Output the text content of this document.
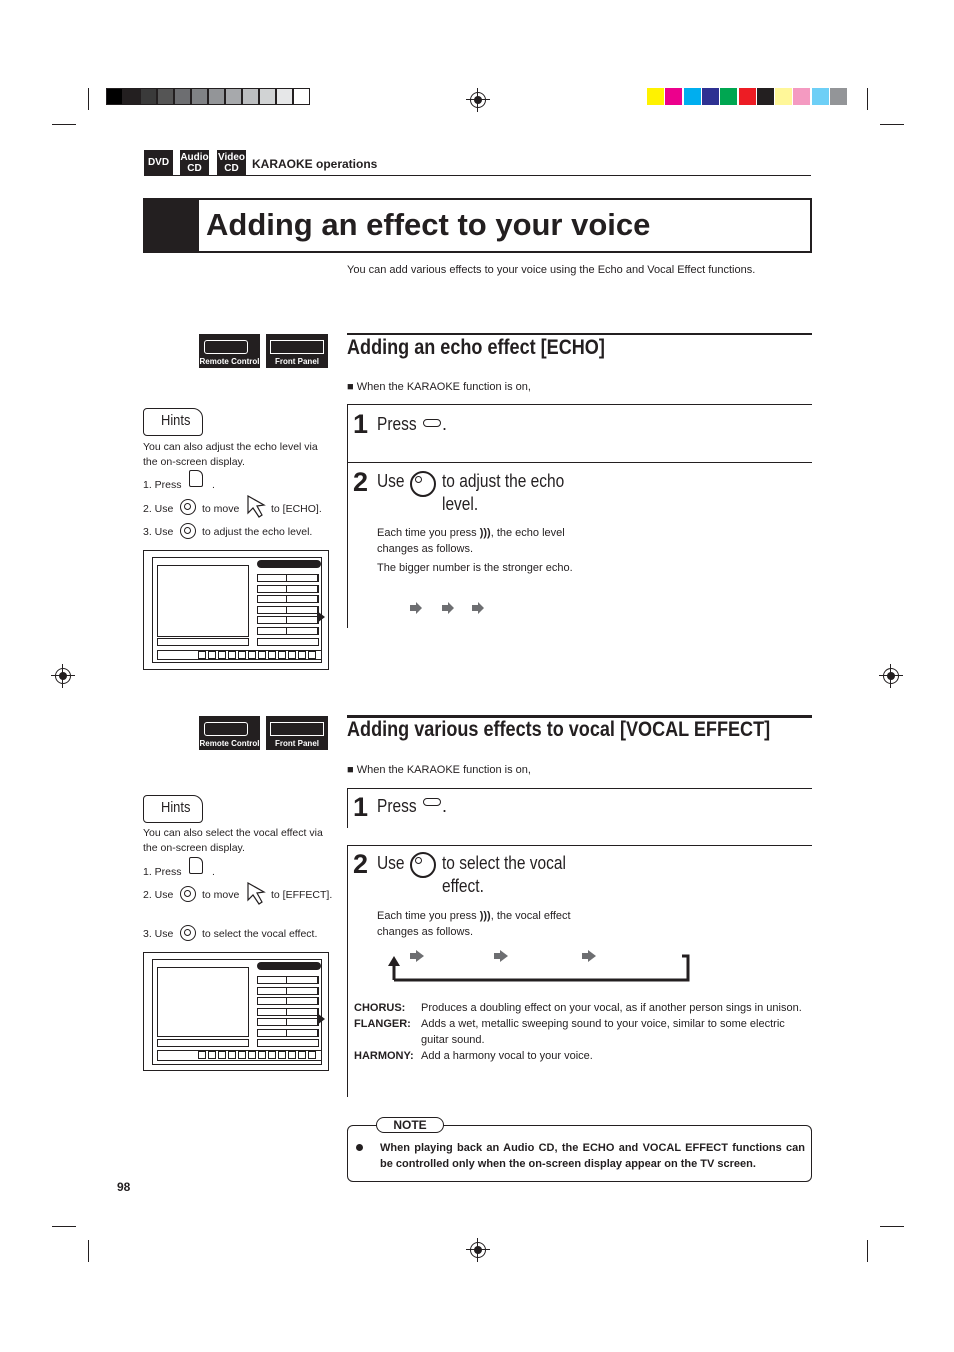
DVD	Audio CD
Video CD	KARAOKE operations
Adding an effect to your voice
You can add various effects to your voice using the Echo and Vocal Effect functions.
Remote Control	Front Panel
Adding an echo effect [ECHO]
■ When the KARAOKE function is on,
1 Press .
2 Use to adjust the echo level.
Each time you press ))), the echo level changes as follows.
The bigger number is the stronger echo.
Hints
You can also adjust the echo level via the on-screen display.
1. Press	.
2. Use	to move	to [ECHO].
3. Use	to adjust the echo level.
Remote Control	Front Panel
Adding various effects to vocal [VOCAL EFFECT]
■ When the KARAOKE function is on,
1 Press .
2 Use to select the vocal effect.
Each time you press ))), the vocal effect changes as follows.
CHORUS:	Produces a doubling effect on your vocal, as if another person sings in unison.
FLANGER: Adds a wet, metallic sweeping sound to your voice, similar to some electric guitar sound.
HARMONY: Add a harmony vocal to your voice.
Hints
You can also select the vocal effect via the on-screen display.
1. Press	.
2. Use	to move	to [EFFECT].
3. Use	to select the vocal effect.
NOTE
When playing back an Audio CD, the ECHO and VOCAL EFFECT functions can be controlled only when the on-screen display appear on the TV screen.
98
